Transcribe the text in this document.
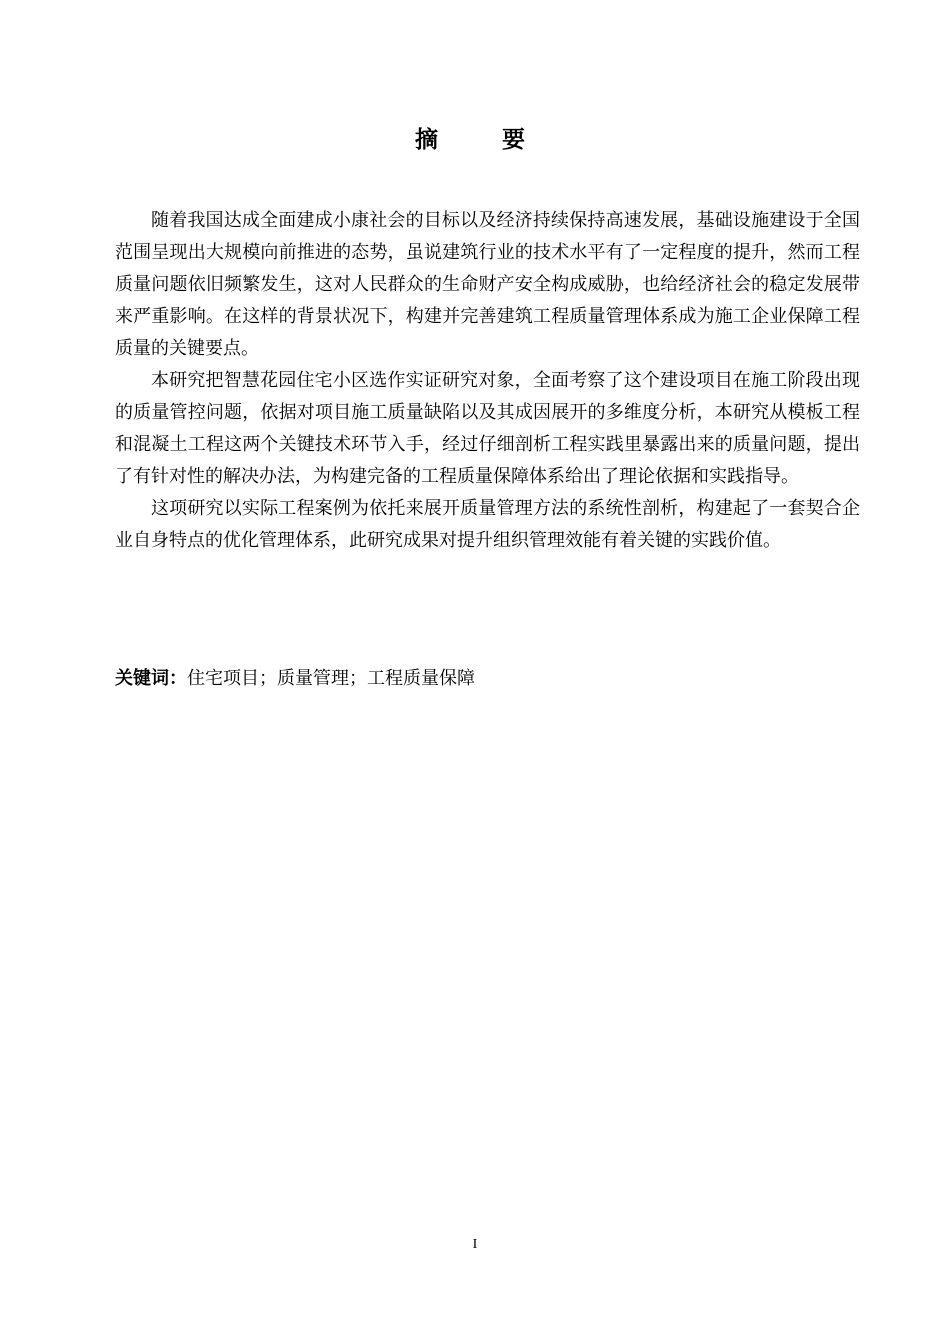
摘 要

随着我国达成全面建成小康社会的目标以及经济持续保持高速发展，基础设施建设于全国范围呈现出大规模向前推进的态势，虽说建筑行业的技术水平有了一定程度的提升，然而工程质量问题依旧频繁发生，这对人民群众的生命财产安全构成威胁，也给经济社会的稳定发展带来严重影响。在这样的背景状况下，构建并完善建筑工程质量管理体系成为施工企业保障工程质量的关键要点。

本研究把智慧花园住宅小区选作实证研究对象，全面考察了这个建设项目在施工阶段出现的质量管控问题，依据对项目施工质量缺陷以及其成因展开的多维度分析，本研究从模板工程和混凝土工程这两个关键技术环节入手，经过仔细剖析工程实践里暴露出来的质量问题，提出了有针对性的解决办法，为构建完备的工程质量保障体系给出了理论依据和实践指导。

这项研究以实际工程案例为依托来展开质量管理方法的系统性剖析，构建起了一套契合企业自身特点的优化管理体系，此研究成果对提升组织管理效能有着关键的实践价值。

关键词：住宅项目；质量管理；工程质量保障
I
